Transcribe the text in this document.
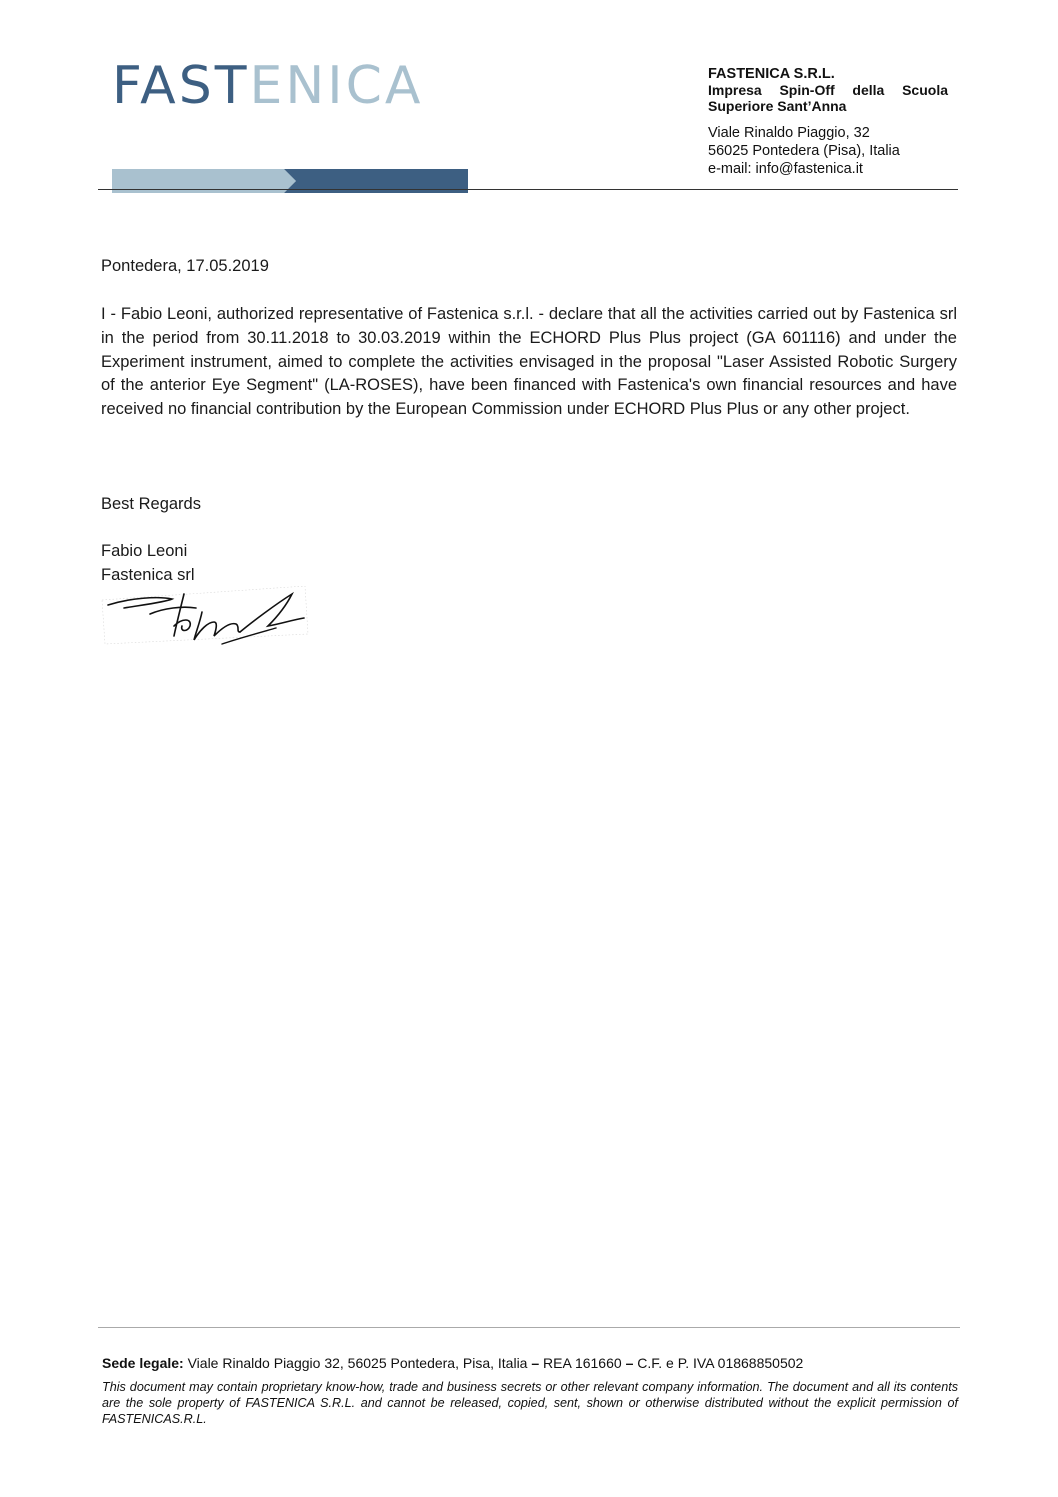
FASTENICA	FASTENICA S.R.L.
Impresa Spin-Off della Scuola
Superiore Sant’Anna
Viale Rinaldo Piaggio, 32
56025 Pontedera (Pisa), Italia
e-mail: info@fastenica.it
Pontedera, 17.05.2019
I - Fabio Leoni, authorized representative of Fastenica s.r.l. - declare that all the activities carried out by Fastenica srl in the period from 30.11.2018 to 30.03.2019 within the ECHORD Plus Plus project (GA 601116) and under the Experiment instrument, aimed to complete the activities envisaged in the proposal "Laser Assisted Robotic Surgery of the anterior Eye Segment" (LA-ROSES), have been financed with Fastenica's own financial resources and have received no financial contribution by the European Commission under ECHORD Plus Plus or any other project.
Best Regards
Fabio Leoni
Fastenica srl
Sede legale: Viale Rinaldo Piaggio 32, 56025 Pontedera, Pisa, Italia – REA 161660 – C.F. e P. IVA 01868850502
This document may contain proprietary know-how, trade and business secrets or other relevant company information. The document and all its contents are the sole property of FASTENICA S.R.L. and cannot be released, copied, sent, shown or otherwise distributed without the explicit permission of FASTENICAS.R.L.
